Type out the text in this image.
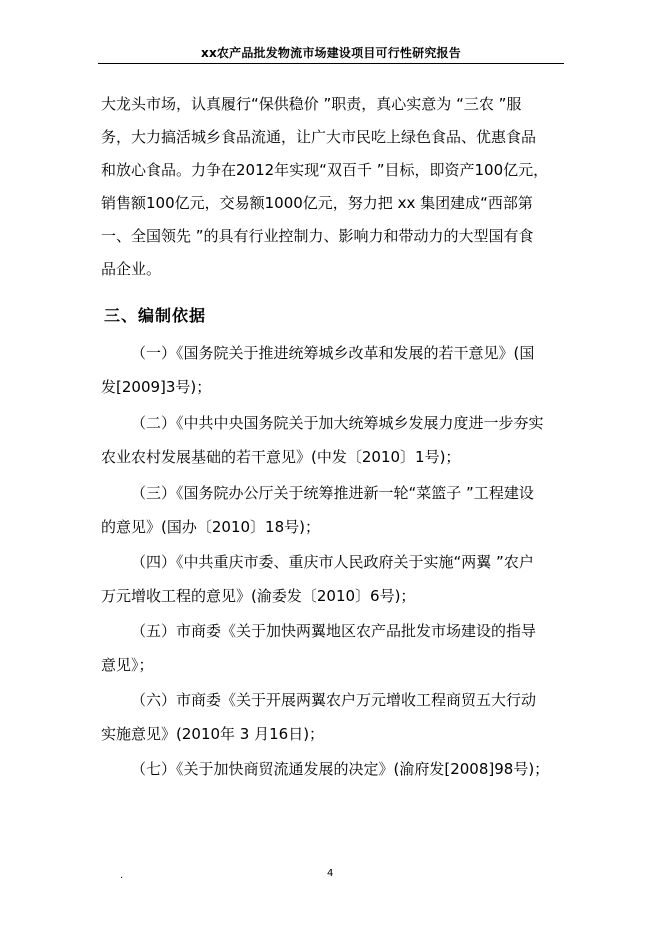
xx农产品批发物流市场建设项目可行性研究报告
大龙头市场，认真履行“保供稳价 ”职责，真心实意为 “三农 ”服
务，大力搞活城乡食品流通，让广大市民吃上绿色食品、优惠食品
和放心食品。力争在2012年实现“双百千 ”目标，即资产100亿元，
销售额100亿元，交易额1000亿元，努力把 xx 集团建成“西部第
一、全国领先 ”的具有行业控制力、影响力和带动力的大型国有食
品企业。
三、编制依据
（一）《国务院关于推进统筹城乡改革和发展的若干意见》(国
发[2009]3号)；
（二）《中共中央国务院关于加大统筹城乡发展力度进一步夯实
农业农村发展基础的若干意见》(中发〔2010〕1号)；
（三）《国务院办公厅关于统筹推进新一轮“菜篮子 ”工程建设
的意见》(国办〔2010〕18号)；
（四）《中共重庆市委、重庆市人民政府关于实施“两翼 ”农户
万元增收工程的意见》(渝委发〔2010〕6号)；
（五）市商委《关于加快两翼地区农产品批发市场建设的指导
意见》；
（六）市商委《关于开展两翼农户万元增收工程商贸五大行动
实施意见》(2010年 3 月16日)；
（七）《关于加快商贸流通发展的决定》(渝府发[2008]98号)；
.	4
